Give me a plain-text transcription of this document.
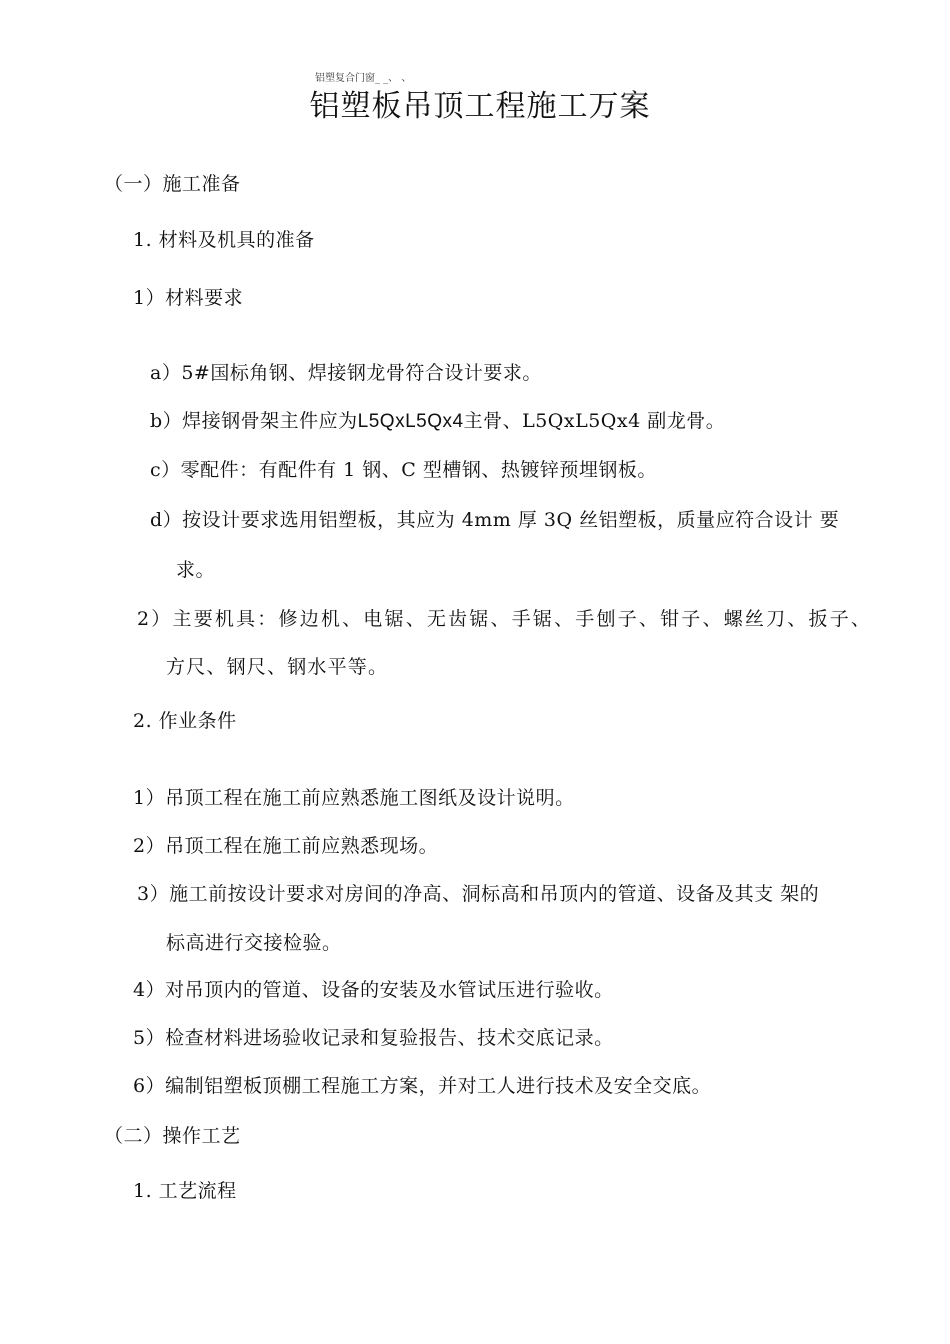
铝塑复合门窗_ _、 、
铝塑板吊顶工程施工万案
（一）施工准备
1. 材料及机具的准备
1）材料要求
a）5#国标角钢、焊接钢龙骨符合设计要求。
b）焊接钢骨架主件应为L5QxL5Qx4主骨、L5QxL5Qx4 副龙骨。
c）零配件：有配件有 1 钢、C 型槽钢、热镀锌预埋钢板。
d）按设计要求选用铝塑板，其应为 4mm 厚 3Q 丝铝塑板，质量应符合设计 要
求。
2）主要机具：修边机、电锯、无齿锯、手锯、手刨子、钳子、螺丝刀、扳子、
方尺、钢尺、钢水平等。
2. 作业条件
1）吊顶工程在施工前应熟悉施工图纸及设计说明。
2）吊顶工程在施工前应熟悉现场。
3）施工前按设计要求对房间的净高、洞标高和吊顶内的管道、设备及其支 架的
标高进行交接检验。
4）对吊顶内的管道、设备的安装及水管试压进行验收。
5）检查材料进场验收记录和复验报告、技术交底记录。
6）编制铝塑板顶棚工程施工方案，并对工人进行技术及安全交底。
（二）操作工艺
1. 工艺流程
